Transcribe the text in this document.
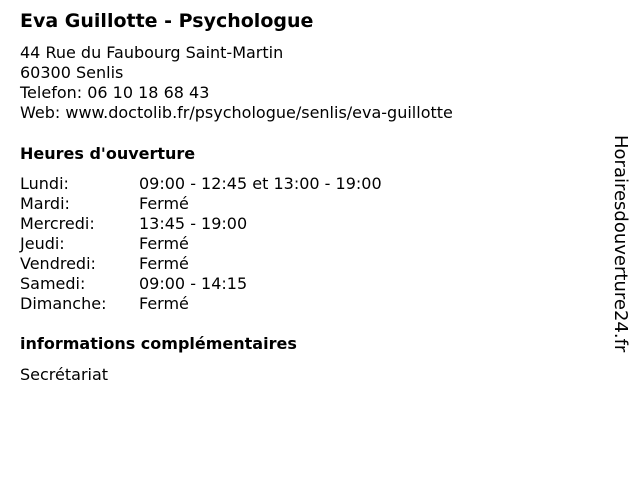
Eva Guillotte - Psychologue
44 Rue du Faubourg Saint-Martin
60300 Senlis
Telefon: 06 10 18 68 43
Web: www.doctolib.fr/psychologue/senlis/eva-guillotte
Heures d'ouverture
Lundi:	09:00 - 12:45 et 13:00 - 19:00
Mardi:	Fermé
Mercredi:	13:45 - 19:00
Jeudi:	Fermé
Vendredi:	Fermé
Samedi:	09:00 - 14:15
Dimanche: Fermé
informations complémentaires
Secrétariat
Horairesdouverture24.fr
